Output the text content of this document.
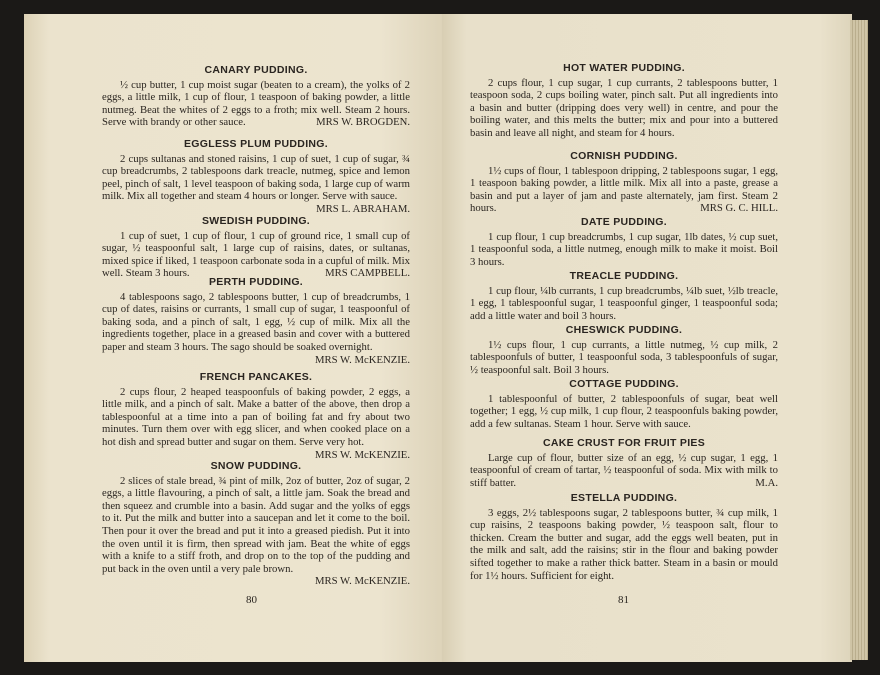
CANARY PUDDING.

½ cup butter, 1 cup moist sugar (beaten to a cream), the yolks of 2 eggs, a little milk, 1 cup of flour, 1 teaspoon of baking powder, a little nutmeg. Beat the whites of 2 eggs to a froth; mix well. Steam 2 hours. Serve with brandy or other sauce.	MRS W. BROGDEN.

EGGLESS PLUM PUDDING.

2 cups sultanas and stoned raisins, 1 cup of suet, 1 cup of sugar, ¾ cup breadcrumbs, 2 tablespoons dark treacle, nutmeg, spice and lemon peel, pinch of salt, 1 level teaspoon of baking soda, 1 large cup of warm milk. Mix all together and steam 4 hours or longer. Serve with sauce.
MRS L. ABRAHAM.

SWEDISH PUDDING.

1 cup of suet, 1 cup of flour, 1 cup of ground rice, 1 small cup of sugar, ½ teaspoonful salt, 1 large cup of raisins, dates, or sultanas, mixed spice if liked, 1 teaspoon carbonate soda in a cupful of milk. Mix well. Steam 3 hours.	MRS CAMPBELL.

PERTH PUDDING.

4 tablespoons sago, 2 tablespoons butter, 1 cup of breadcrumbs, 1 cup of dates, raisins or currants, 1 small cup of sugar, 1 teaspoonful of baking soda, and a pinch of salt, 1 egg, ½ cup of milk. Mix all the ingredients together, place in a greased basin and cover with a buttered paper and steam 3 hours. The sago should be soaked overnight.
MRS W. McKENZIE.

FRENCH PANCAKES.

2 cups flour, 2 heaped teaspoonfuls of baking powder, 2 eggs, a little milk, and a pinch of salt. Make a batter of the above, then drop a tablespoonful at a time into a pan of boiling fat and fry about two minutes. Turn them over with egg slicer, and when cooked place on a hot dish and spread butter and sugar on them. Serve very hot.
MRS W. McKENZIE.

SNOW PUDDING.

2 slices of stale bread, ¾ pint of milk, 2oz of butter, 2oz of sugar, 2 eggs, a little flavouring, a pinch of salt, a little jam. Soak the bread and then squeez and crumble into a basin. Add sugar and the yolks of eggs to it. Put the milk and butter into a saucepan and let it come to the boil. Then pour it over the bread and put it into a greased piedish. Put it into the oven until it is firm, then spread with jam. Beat the white of eggs with a knife to a stiff froth, and drop on to the top of the pudding and put back in the oven until a very pale brown.
MRS W. McKENZIE.

80
HOT WATER PUDDING.

2 cups flour, 1 cup sugar, 1 cup currants, 2 tablespoons butter, 1 teaspoon soda, 2 cups boiling water, pinch salt. Put all ingredients into a basin and butter (dripping does very well) in centre, and pour the boiling water, and this melts the butter; mix and pour into a buttered basin and leave all night, and steam for 4 hours.

CORNISH PUDDING.

1½ cups of flour, 1 tablespoon dripping, 2 tablespoons sugar, 1 egg, 1 teaspoon baking powder, a little milk. Mix all into a paste, grease a basin and put a layer of jam and paste alternately, jam first. Steam 2 hours.	MRS G. C. HILL.

DATE PUDDING.

1 cup flour, 1 cup breadcrumbs, 1 cup sugar, 1lb dates, ½ cup suet, 1 teaspoonful soda, a little nutmeg, enough milk to make it moist. Boil 3 hours.

TREACLE PUDDING.

1 cup flour, ¼lb currants, 1 cup breadcrumbs, ¼lb suet, ½lb treacle, 1 egg, 1 tablespoonful sugar, 1 teaspoonful ginger, 1 teaspoonful soda; add a little water and boil 3 hours.

CHESWICK PUDDING.

1½ cups flour, 1 cup currants, a little nutmeg, ½ cup milk, 2 tablespoonfuls of butter, 1 teaspoonful soda, 3 tablespoonfuls of sugar, ½ teaspoonful salt. Boil 3 hours.

COTTAGE PUDDING.

1 tablespoonful of butter, 2 tablespoonfuls of sugar, beat well together; 1 egg, ½ cup milk, 1 cup flour, 2 teaspoonfuls baking powder, add a few sultanas. Steam 1 hour. Serve with sauce.

CAKE CRUST FOR FRUIT PIES

Large cup of flour, butter size of an egg, ½ cup sugar, 1 egg, 1 teaspoonful of cream of tartar, ½ teaspoonful of soda. Mix with milk to stiff batter.	M.A.

ESTELLA PUDDING.

3 eggs, 2½ tablespoons sugar, 2 tablespoons butter, ¾ cup milk, 1 cup raisins, 2 teaspoons baking powder, ½ teaspoon salt, flour to thicken. Cream the butter and sugar, add the eggs well beaten, put in the milk and salt, add the raisins; stir in the flour and baking powder sifted together to make a rather thick batter. Steam in a basin or mould for 1½ hours. Sufficient for eight.

81
